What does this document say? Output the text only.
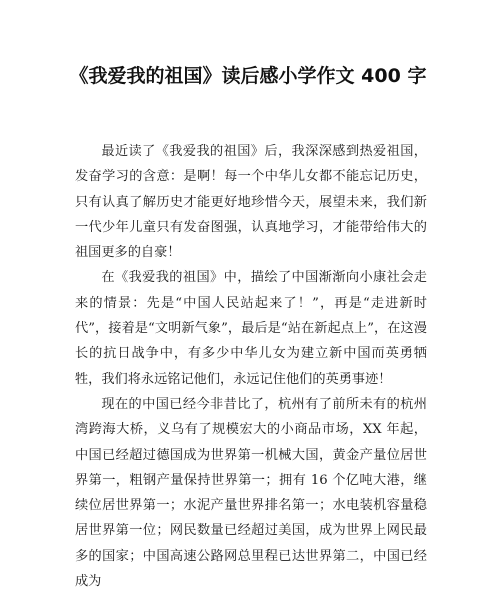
《我爱我的祖国》读后感小学作文 400 字

最近读了《我爱我的祖国》后，我深深感到热爱祖国，发奋学习的含意：是啊！每一个中华儿女都不能忘记历史，只有认真了解历史才能更好地珍惜今天，展望未来，我们新一代少年儿童只有发奋图强，认真地学习，才能带给伟大的祖国更多的自豪！

在《我爱我的祖国》中，描绘了中国渐渐向小康社会走来的情景：先是“中国人民站起来了！”，再是“走进新时代”，接着是“文明新气象”，最后是“站在新起点上”，在这漫长的抗日战争中，有多少中华儿女为建立新中国而英勇牺牲，我们将永远铭记他们，永远记住他们的英勇事迹！

现在的中国已经今非昔比了，杭州有了前所未有的杭州湾跨海大桥，义乌有了规模宏大的小商品市场，XX 年起，中国已经超过德国成为世界第一机械大国，黄金产量位居世界第一，粗钢产量保持世界第一；拥有 16 个亿吨大港，继续位居世界第一；水泥产量世界排名第一；水电装机容量稳居世界第一位；网民数量已经超过美国，成为世界上网民最多的国家；中国高速公路网总里程已达世界第二，中国已经成为
